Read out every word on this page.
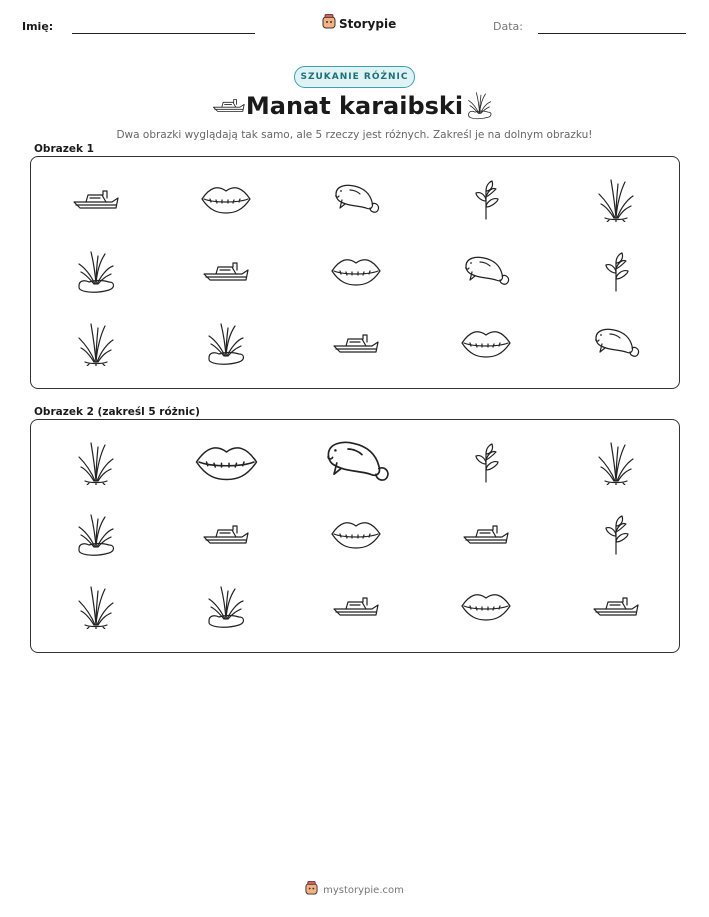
Imię:	Storypie	Data:
SZUKANIE RÓŻNIC
Manat karaibski
Dwa obrazki wyglądają tak samo, ale 5 rzeczy jest różnych. Zakreśl je na dolnym obrazku!
Obrazek 1
Obrazek 2 (zakreśl 5 różnic)
mystorypie.com
